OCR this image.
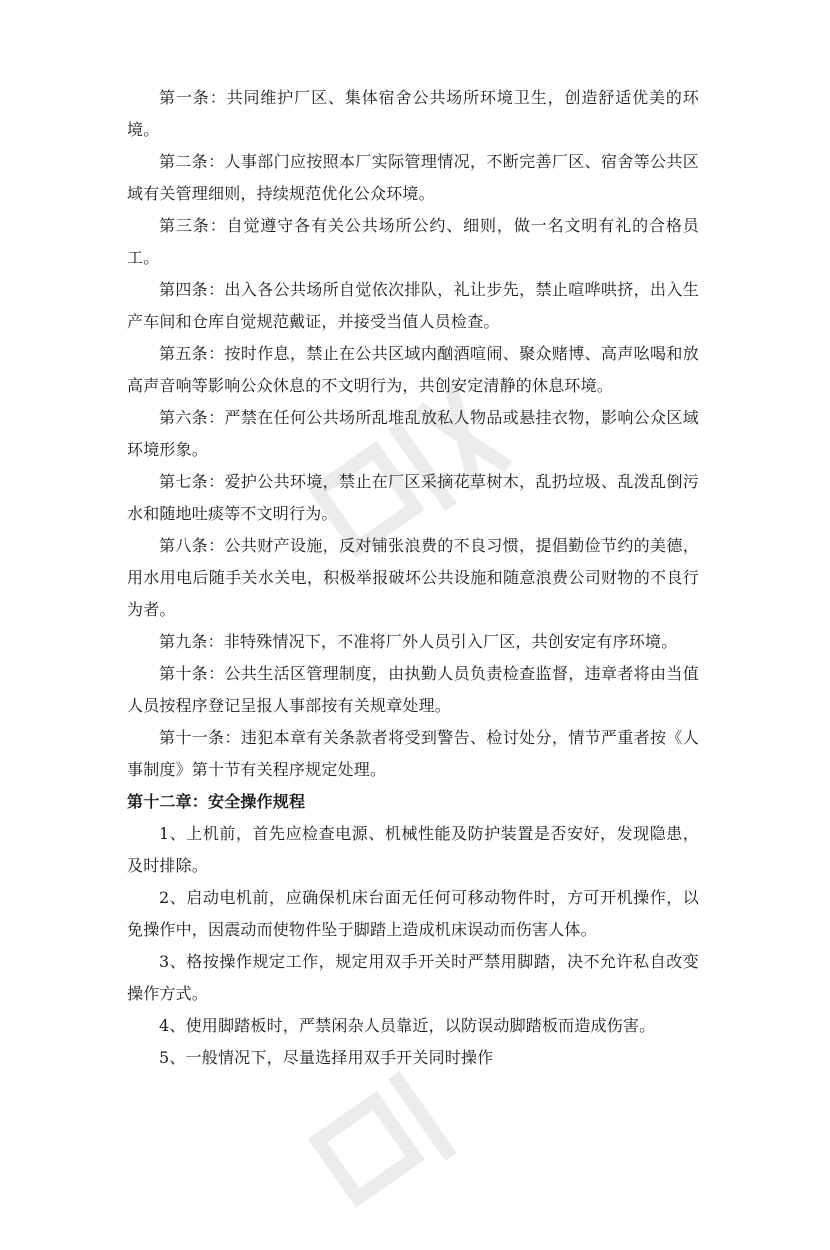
第一条：共同维护厂区、集体宿舍公共场所环境卫生，创造舒适优美的环境。

第二条：人事部门应按照本厂实际管理情况，不断完善厂区、宿舍等公共区域有关管理细则，持续规范优化公众环境。

第三条：自觉遵守各有关公共场所公约、细则，做一名文明有礼的合格员工。

第四条：出入各公共场所自觉依次排队，礼让步先，禁止喧哗哄挤，出入生产车间和仓库自觉规范戴证，并接受当值人员检查。

第五条：按时作息，禁止在公共区域内酗酒喧闹、聚众赌博、高声吆喝和放高声音响等影响公众休息的不文明行为，共创安定清静的休息环境。

第六条：严禁在任何公共场所乱堆乱放私人物品或悬挂衣物，影响公众区域环境形象。

第七条：爱护公共环境，禁止在厂区采摘花草树木，乱扔垃圾、乱泼乱倒污水和随地吐痰等不文明行为。

第八条：公共财产设施，反对铺张浪费的不良习惯，提倡勤俭节约的美德，用水用电后随手关水关电，积极举报破坏公共设施和随意浪费公司财物的不良行为者。

第九条：非特殊情况下，不准将厂外人员引入厂区，共创安定有序环境。

第十条：公共生活区管理制度，由执勤人员负责检查监督，违章者将由当值人员按程序登记呈报人事部按有关规章处理。

第十一条：违犯本章有关条款者将受到警告、检讨处分，情节严重者按《人事制度》第十节有关程序规定处理。

第十二章：安全操作规程

1、上机前，首先应检查电源、机械性能及防护装置是否安好，发现隐患，及时排除。

2、启动电机前，应确保机床台面无任何可移动物件时，方可开机操作，以免操作中，因震动而使物件坠于脚踏上造成机床误动而伤害人体。

3、格按操作规定工作，规定用双手开关时严禁用脚踏，决不允许私自改变操作方式。

4、使用脚踏板时，严禁闲杂人员靠近，以防误动脚踏板而造成伤害。

5、一般情况下，尽量选择用双手开关同时操作
